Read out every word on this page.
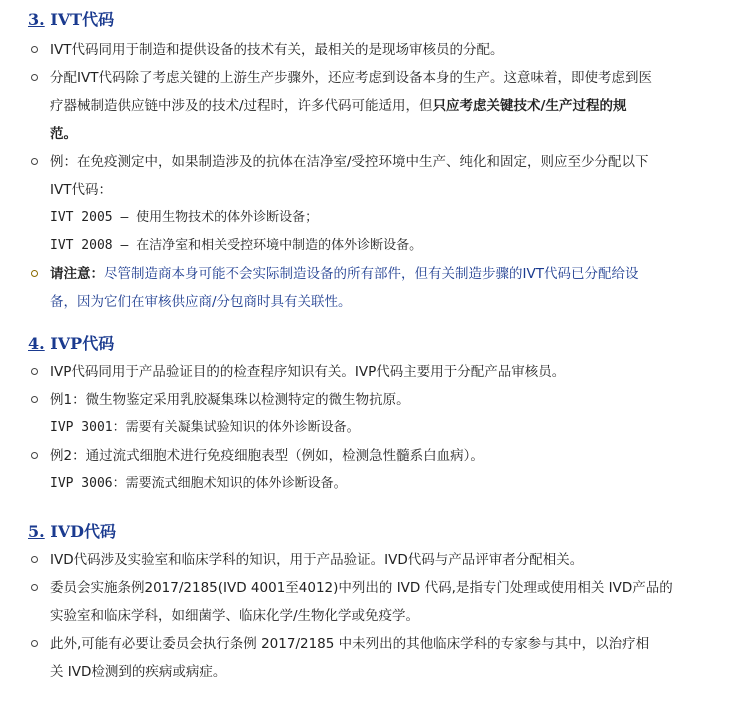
3. IVT代码
IVT代码同用于制造和提供设备的技术有关，最相关的是现场审核员的分配。
分配IVT代码除了考虑关键的上游生产步骤外，还应考虑到设备本身的生产。这意味着，即使考虑到医
疗器械制造供应链中涉及的技术/过程时，许多代码可能适用，但只应考虑关键技术/生产过程的规
范。
例：在免疫测定中，如果制造涉及的抗体在洁净室/受控环境中生产、纯化和固定，则应至少分配以下
IVT代码：
IVT 2005 – 使用生物技术的体外诊断设备；
IVT 2008 – 在洁净室和相关受控环境中制造的体外诊断设备。
请注意：尽管制造商本身可能不会实际制造设备的所有部件，但有关制造步骤的IVT代码已分配给设
备，因为它们在审核供应商/分包商时具有关联性。
4. IVP代码
IVP代码同用于产品验证目的的检查程序知识有关。IVP代码主要用于分配产品审核员。
例1：微生物鉴定采用乳胶凝集珠以检测特定的微生物抗原。
IVP 3001：需要有关凝集试验知识的体外诊断设备。
例2：通过流式细胞术进行免疫细胞表型（例如，检测急性髓系白血病）。
IVP 3006：需要流式细胞术知识的体外诊断设备。
5. IVD代码
IVD代码涉及实验室和临床学科的知识，用于产品验证。IVD代码与产品评审者分配相关。
委员会实施条例2017/2185(IVD 4001至4012)中列出的 IVD 代码,是指专门处理或使用相关 IVD产品的
实验室和临床学科，如细菌学、临床化学/生物化学或免疫学。
此外,可能有必要让委员会执行条例 2017/2185 中未列出的其他临床学科的专家参与其中，以治疗相
关 IVD检测到的疾病或病症。
